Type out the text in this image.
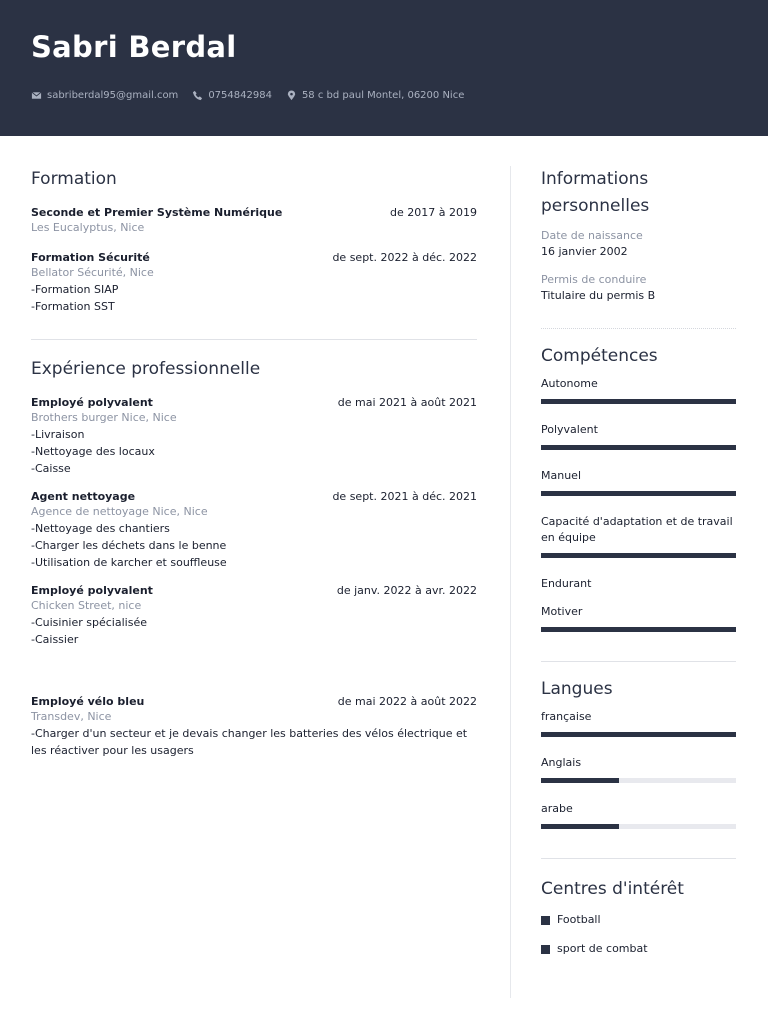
Sabri Berdal
sabriberdal95@gmail.com	0754842984	58 c bd paul Montel, 06200 Nice
Formation
Seconde et Premier Système Numérique	de 2017 à 2019
Les Eucalyptus, Nice
Formation Sécurité	de sept. 2022 à déc. 2022
Bellator Sécurité, Nice
-Formation SIAP
-Formation SST
Expérience professionnelle
Employé polyvalent	de mai 2021 à août 2021
Brothers burger Nice, Nice
-Livraison
-Nettoyage des locaux
-Caisse
Agent nettoyage	de sept. 2021 à déc. 2021
Agence de nettoyage Nice, Nice
-Nettoyage des chantiers
-Charger les déchets dans le benne
-Utilisation de karcher et souffleuse
Employé polyvalent	de janv. 2022 à avr. 2022
Chicken Street, nice
-Cuisinier spécialisée
-Caissier
Employé vélo bleu	de mai 2022 à août 2022
Transdev, Nice
-Charger d'un secteur et je devais changer les batteries des vélos électrique et les réactiver pour les usagers
Informations
personnelles
Date de naissance
16 janvier 2002
Permis de conduire
Titulaire du permis B
Compétences
Autonome
Polyvalent
Manuel
Capacité d'adaptation et de travail en équipe
Endurant
Motiver
Langues
française
Anglais
arabe
Centres d'intérêt
Football
sport de combat
